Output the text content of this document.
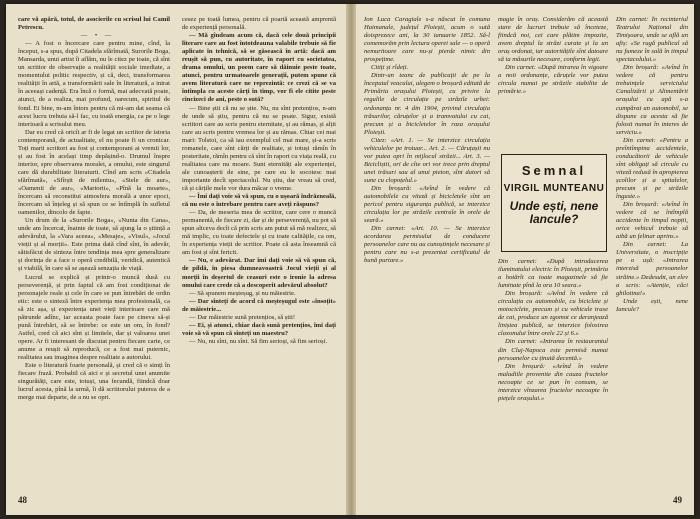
care vă apără, totul, de asocierile cu scrisul lui Camil Petrescu.

— • —

— A fost o încercare care pentru mine, cînd, la început, s-a spus, după Citadela sfărîmată, Surorile Boga, Mansarda, unui artist îi aflăm, nu le citez pe toate, că sînt un scriitor de observație a realității sociale imediate, a momentului politic respectiv, și că, deci, transformarea realității în artă, a transformării sale în literatură, a intrat în aceeași cadență. Era încă o formă, mai adecvată poate, atunci, de a realiza, mai profund, oarecum, spiritul de fond. Ei bine, m-am întors pentru că mi-am dat seama că acest lucru trebuia să-l fac, cu toată energia, ca pe o lege interioară a scrisului meu.

Dar eu cred că oricît ar fi de legat un scriitor de istoria contemporană, de actualitate, el nu poate fi un cronicar. Toți marii scriitori au fost și contemporani ai vremii lor, și au fost în același timp depășind-o. Drumul înspre interior, spre observarea moralei, a omului, este singurul care dă durabilitate literaturii. Cînd am scris «Citadela sfărîmată», «Sfîrșit de mileniu», «Stele de aur», «Oamenii de aur», «Martorii», «Pînă la moarte», încercam să reconstitui atmosfera morală a unor epoci, încercam să înțeleg și să spun ce se întîmplă în sufletul oamenilor, dincolo de fapte.

Un drum de la «Surorile Boga», «Nunta din Cana», unde am încercat, înainte de toate, să ajung la o știință a adevărului, la «Vara aceea», «Mesaje», «Visul», «Jocul vieții și al morții». Este prima dată cînd sînt, în adevăr, sătisfăcut de sinteza între tendința mea spre generalizare și dorința de a face o operă credibilă, veridică, autentică și viabilă, în care să se așează senzația de viață.

Lucrul se explică și printr-o muncă dusă cu perseverență, și prin faptul că am fost condiționat de personajele reale și cele în care se pun întrebări de ordin etic: este o sinteză între experiența mea profesională, ca să zic așa, și experiența unei vieți interioare care mă pătrunde adînc, iar aceasta poate face pe cineva să-și pună întrebări, să se întrebe: ce este un om, în fond? Astfel, cred că aici sînt și limitele, dar și valoarea unei opere. Ar fi interesant de discutat pentru fiecare carte, ce anume a reușit să reproducă, ce a fost mai puternic, realitatea sau imaginea despre realitate a autorului.

Este o literatură foarte personală, și cred că o simți în fiecare frază. Probabil că aici e și secretul unei anumite singurătăți, care este, totuși, una fecundă, fiindcă doar lucrul acesta, pînă la urmă, îi dă scriitorului puterea de a merge mai departe, de a nu se opri.

cesez pe toată lumea, pentru că poartă această amprentă de experiență personală.

— Mă gîndeam acum că, dacă cele două principii literare care au fost întotdeauna valabile trebuie să fie aplicate în tehnică, să se găsească în artă: dacă am reușit să pun, cu autoritate, în raport cu societatea, drama omului, un poem care să dăinuie peste toate, atunci, pentru urmatoarele generații, putem spune că avem literatură care ne reprezintă: ce crezi că se va întîmpla cu aceste cărți în timp, vor fi ele citite peste cincizeci de ani, peste o sută?

— Bine știi că nu se știe. Nu, nu sînt pretențios, n-am de unde să știu, pentru că nu se poate. Sigur, există scriitori care au scris pentru eternitate, și au rămas, și alții care au scris pentru vremea lor și au rămas. Chiar cei mai mari: Tolstoi, ca să iau exemplul cel mai mare, și-a scris romanele, care sînt cărți de realitate, și totuși rămîn în posteritate, rămîn pentru că sînt în raport cu viața reală, cu realitatea care nu moare. Sunt eternități ale experienței, ale cunoașterii de sine, pe care eu le socotesc mai importante decît spectacolul. Nu știu, dar vreau să cred, că și cărțile mele vor dura măcar o vreme.

— Îmi dați voie să vă spun, cu o ușoară îndrăzneală, că nu este o întrebare pentru care aveți răspuns?

— Da, de meseria mea de scriitor, care cere o muncă permanentă, de fiecare zi, dar și de perseverență, nu pot să spun altceva decît că prin scris am putut să mă realizez, să mă implic, cu toate defectele și cu toate calitățile, ca om, în experiența vieții de scriitor. Poate că asta înseamnă că am fost și sînt fericit.

— Nu, e adevărat. Dar îmi dați voie să vă spun că, de pildă, în piesa dumneavoastră Jocul vieții și al morții în deșertul de ceasuri este o ironie la adresa omului care crede că a descoperit adevărul absolut?

— Să spunem meșteșug, și nu măiestrie.

— Dar sînteți de acord că meșteșugul este «însoțit» de măiestrie...

— Dar măiestrie sună pretențios, să știi!

— Ei, și atunci, chiar dacă sună pretențios, îmi dați voie să vă spun că sînteți un maestru?

— Nu, nu sînt, nu sînt. Să fim serioși, să fim serioși.

48

Ion Luca Caragiale s-a născut în comuna Haimanale, județul Ploiești, acum o sută doisprezece ani, la 30 ianuarie 1852. Să-l comemorăm prin lectura operei sale — o operă nemuritoare care nu-și pierde nimic din prospețime.

Citiți și rîdeți.

Dintr-un teanc de publicații de pe la începutul veacului, alegem o broșură editată de Primăria orașului Ploiești, cu privire la regulile de circulație pe străzile urbei: ordonanța nr. 4 din 1904, privind circulația trăsurilor, căruțelor și a tramvaiului cu cai, precum și a bicicletelor în raza orașului Ploiești.

Citez: «Art. 1. — Se interzice circulația vehiculelor pe trotuar... Art. 2. — Căruțașii nu vor putea opri în mijlocul străzii... Art. 3. — Bicicliștii, ori de cîte ori vor trece prin dreptul unei trăsuri sau al unui pieton, sînt datori să sune cu clopoțelul.»

Din broșură: «Avînd în vedere că automobilele cu viteză și bicicletele sînt un pericol pentru siguranța publică, se interzice circulația lor pe străzile centrale în orele de seară.»

Din carnet: «Art. 10. — Se interzice acordarea permisului de conducere persoanelor care nu au cunoștințele necesare și pentru care nu s-a prezentat certificatul de bună purtare.»

magie în oraș. Considerăm că această stare de lucruri trebuie să înceteze, fiindcă noi, cei care plătim impozite, avem dreptul la străzi curate și la un oraș ordonat, iar autoritățile sînt datoare să ia măsurile necesare, conform legii.

Din carnet: «După intrarea în vigoare a noii ordonanțe, căruțele vor putea circula numai pe străzile stabilite de primărie.»

Semnal
VIRGIL MUNTEANU
Unde ești, nene Iancule?

Din carnet: «După introducerea iluminatului electric în Ploiești, primăria a hotărît ca toate magazinele să fie luminate pînă la ora 10 seara.»

Din broșură: «Avînd în vedere că circulația cu automobile, cu biciclete și motociclete, precum și cu vehicule trase de cai, produce un zgomot ce deranjează liniștea publică, se interzice folosirea claxonului între orele 22 și 6.»

Din carnet: «Intrarea în restaurantul din Cluj-Napoca este permisă numai persoanelor cu ținută decentă.»

Din broșură: «Avînd în vedere maladiile provenite din cauza fructelor necoapte ce se pun în consum, se interzice vînzarea fructelor necoapte în piețele orașului.»

Din carnet: În recinteriul Teatrului Național din Timișoara, unde se află un afiș: «Se rugă publicul să nu fumeze în sală în timpul spectacolului.»

Din broșură: «Avînd în vedere că pentru trebuințele serviciului Canalizării și Alimentării orașului cu apă s-a cumpărat un automobil, se dispune ca acesta să fie folosit numai în interes de serviciu.»

Din carnet: «Pentru a preîntîmpina accidentele, conducătorii de vehicule sînt obligați să circule cu viteză redusă în apropierea școlilor și a spitalelor, precum și pe străzile înguste.»

Din broșură: «Avînd în vedere că se întîmplă accidente în timpul nopții, orice vehicul trebuie să aibă un felinar aprins.»

Din carnet: La Universitate, o inscripție pe o ușă: «Intrarea interzisă persoanelor străine.» Dedesubt, un elev a scris: «Atenție, căci ghilotina!»

Unde ești, nene Iancule?

49
